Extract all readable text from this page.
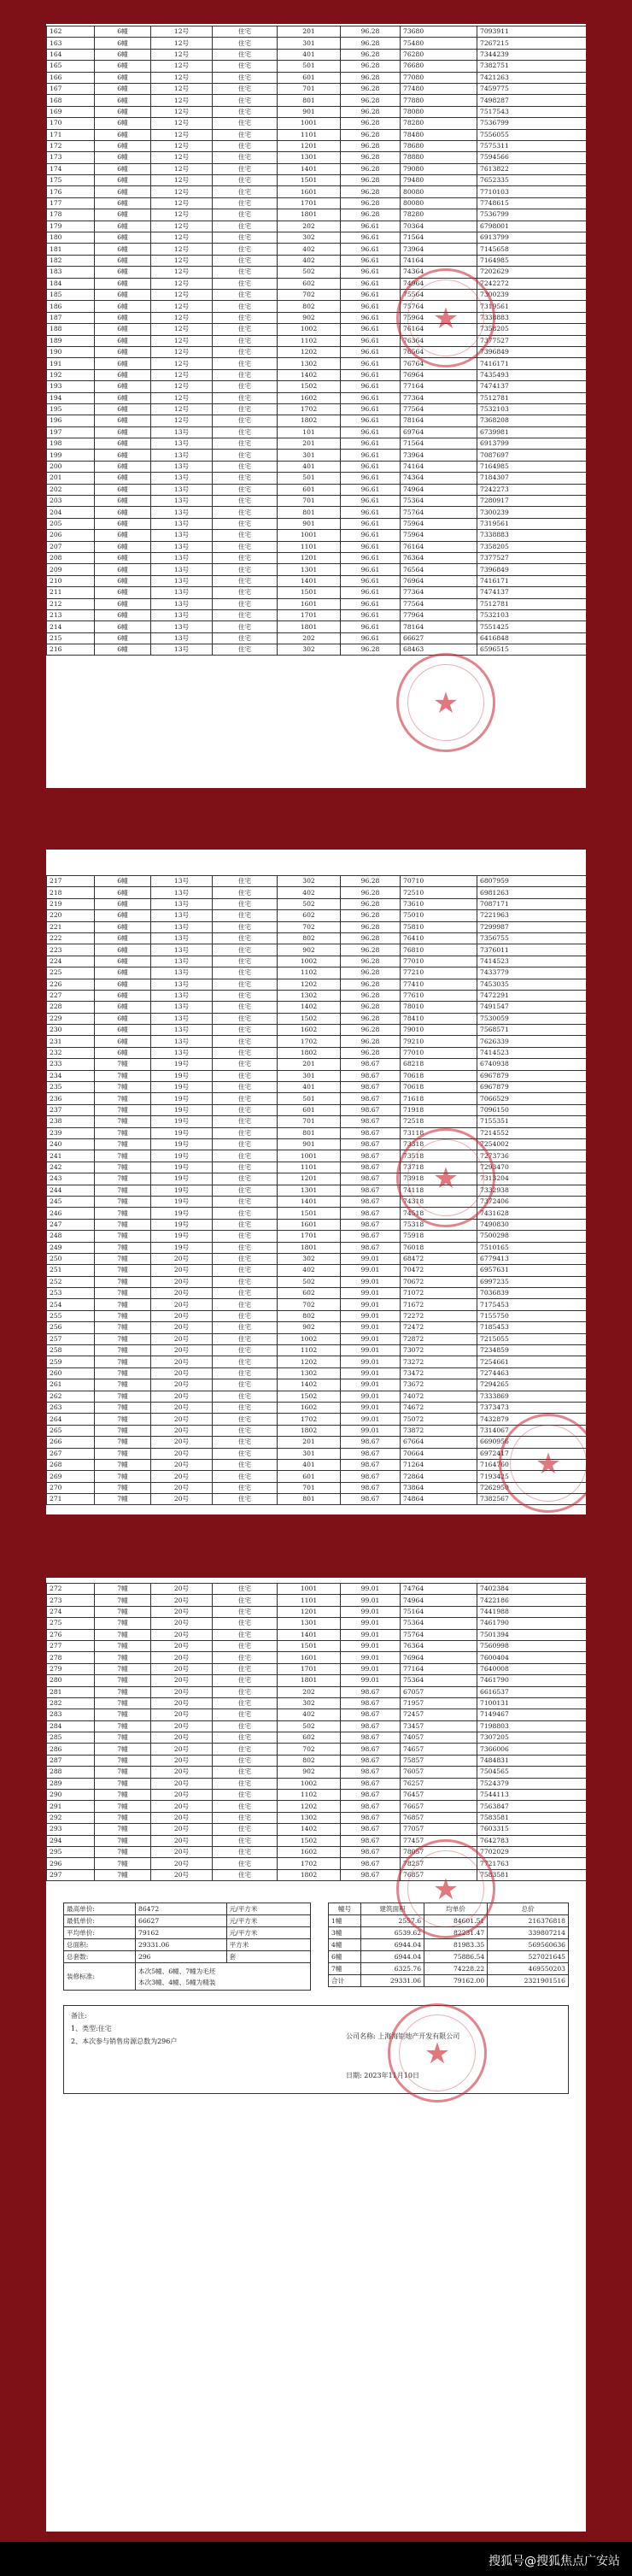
162	6幢	12号	住宅	201	96.28	73680	7093911
163	6幢	12号	住宅	301	96.28	75480	7267215
164	6幢	12号	住宅	401	96.28	76280	7344239
165	6幢	12号	住宅	501	96.28	76680	7382751
166	6幢	12号	住宅	601	96.28	77080	7421263
167	6幢	12号	住宅	701	96.28	77480	7459775
168	6幢	12号	住宅	801	96.28	77880	7498287
169	6幢	12号	住宅	901	96.28	78080	7517543
170	6幢	12号	住宅	1001	96.28	78280	7536799
171	6幢	12号	住宅	1101	96.28	78480	7556055
172	6幢	12号	住宅	1201	96.28	78680	7575311
173	6幢	12号	住宅	1301	96.28	78880	7594566
174	6幢	12号	住宅	1401	96.28	79080	7613822
175	6幢	12号	住宅	1501	96.28	79480	7652335
176	6幢	12号	住宅	1601	96.28	80080	7710103
177	6幢	12号	住宅	1701	96.28	80080	7748615
178	6幢	12号	住宅	1801	96.28	78280	7536799
179	6幢	12号	住宅	202	96.61	70364	6798001
180	6幢	12号	住宅	302	96.61	71564	6913799
181	6幢	12号	住宅	402	96.61	73964	7145658
182	6幢	12号	住宅	402	96.61	74164	7164985
183	6幢	12号	住宅	502	96.61	74364	7202629
184	6幢	12号	住宅	602	96.61	74964	7242272
185	6幢	12号	住宅	702	96.61	75564	7300239
186	6幢	12号	住宅	802	96.61	75764	7319561
187	6幢	12号	住宅	902	96.61	75964	7338883
188	6幢	12号	住宅	1002	96.61	76164	7358205
189	6幢	12号	住宅	1102	96.61	76364	7377527
190	6幢	12号	住宅	1202	96.61	76564	7396849
191	6幢	12号	住宅	1302	96.61	76764	7416171
192	6幢	12号	住宅	1402	96.61	76964	7435493
193	6幢	12号	住宅	1502	96.61	77164	7474137
194	6幢	12号	住宅	1602	96.61	77364	7512781
195	6幢	12号	住宅	1702	96.61	77564	7532103
196	6幢	12号	住宅	1802	96.61	78164	7368208
197	6幢	13号	住宅	101	96.61	69764	6739981
198	6幢	13号	住宅	201	96.61	71564	6913799
199	6幢	13号	住宅	301	96.61	73964	7087697
200	6幢	13号	住宅	401	96.61	74164	7164985
201	6幢	13号	住宅	501	96.61	74364	7184307
202	6幢	13号	住宅	601	96.61	74964	7242273
203	6幢	13号	住宅	701	96.61	75364	7280917
204	6幢	13号	住宅	801	96.61	75764	7300239
205	6幢	13号	住宅	901	96.61	75964	7319561
206	6幢	13号	住宅	1001	96.61	75964	7338883
207	6幢	13号	住宅	1101	96.61	76164	7358205
208	6幢	13号	住宅	1201	96.61	76364	7377527
209	6幢	13号	住宅	1301	96.61	76564	7396849
210	6幢	13号	住宅	1401	96.61	76964	7416171
211	6幢	13号	住宅	1501	96.61	77364	7474137
212	6幢	13号	住宅	1601	96.61	77564	7512781
213	6幢	13号	住宅	1701	96.61	77964	7532103
214	6幢	13号	住宅	1801	96.61	78164	7551425
215	6幢	13号	住宅	202	96.61	66627	6416848
216	6幢	13号	住宅	302	96.28	68463	6596515
★
★
217	6幢	13号	住宅	302	96.28	70710	6807959
218	6幢	13号	住宅	402	96.28	72510	6981263
219	6幢	13号	住宅	502	96.28	73610	7087171
220	6幢	13号	住宅	602	96.28	75010	7221963
221	6幢	13号	住宅	702	96.28	75810	7299987
222	6幢	13号	住宅	802	96.28	76410	7356755
223	6幢	13号	住宅	902	96.28	76810	7376011
224	6幢	13号	住宅	1002	96.28	77010	7414523
225	6幢	13号	住宅	1102	96.28	77210	7433779
226	6幢	13号	住宅	1202	96.28	77410	7453035
227	6幢	13号	住宅	1302	96.28	77610	7472291
228	6幢	13号	住宅	1402	96.28	78010	7491547
229	6幢	13号	住宅	1502	96.28	78410	7530059
230	6幢	13号	住宅	1602	96.28	79010	7568571
231	6幢	13号	住宅	1702	96.28	79210	7626339
232	6幢	13号	住宅	1802	96.28	77010	7414523
233	7幢	19号	住宅	201	98.67	68218	6740938
234	7幢	19号	住宅	301	98.67	70618	6967879
235	7幢	19号	住宅	401	98.67	70618	6967879
236	7幢	19号	住宅	501	98.67	71618	7066529
237	7幢	19号	住宅	601	98.67	71918	7096150
238	7幢	19号	住宅	701	98.67	72518	7155351
239	7幢	19号	住宅	801	98.67	73118	7214552
240	7幢	19号	住宅	901	98.67	73318	7254002
241	7幢	19号	住宅	1001	98.67	73518	7273736
242	7幢	19号	住宅	1101	98.67	73718	7293470
243	7幢	19号	住宅	1201	98.67	73918	7313204
244	7幢	19号	住宅	1301	98.67	74118	7332938
245	7幢	19号	住宅	1401	98.67	74318	7372406
246	7幢	19号	住宅	1501	98.67	74518	7431628
247	7幢	19号	住宅	1601	98.67	75318	7490830
248	7幢	19号	住宅	1701	98.67	75918	7500298
249	7幢	19号	住宅	1801	98.67	76018	7510165
250	7幢	20号	住宅	302	99.01	68472	6779413
251	7幢	20号	住宅	402	99.01	70472	6957631
252	7幢	20号	住宅	502	99.01	70672	6997235
253	7幢	20号	住宅	602	99.01	71072	7036839
254	7幢	20号	住宅	702	99.01	71672	7175453
255	7幢	20号	住宅	802	99.01	72272	7155750
256	7幢	20号	住宅	902	99.01	72472	7185453
257	7幢	20号	住宅	1002	99.01	72872	7215055
258	7幢	20号	住宅	1102	99.01	73072	7234859
259	7幢	20号	住宅	1202	99.01	73272	7254661
260	7幢	20号	住宅	1302	99.01	73472	7274463
261	7幢	20号	住宅	1402	99.01	73672	7294265
262	7幢	20号	住宅	1502	99.01	74072	7333869
263	7幢	20号	住宅	1602	99.01	74672	7373473
264	7幢	20号	住宅	1702	99.01	75072	7432879
265	7幢	20号	住宅	1802	99.01	73872	7314067
266	7幢	20号	住宅	201	98.67	67664	6690956
267	7幢	20号	住宅	301	98.67	70664	6972417
268	7幢	20号	住宅	401	98.67	71264	7164760
269	7幢	20号	住宅	601	98.67	72864	7193425
270	7幢	20号	住宅	701	98.67	73864	7262950
271	7幢	20号	住宅	801	98.67	74864	7382567
★
★
272	7幢	20号	住宅	1001	99.01	74764	7402384
273	7幢	20号	住宅	1101	99.01	74964	7422186
274	7幢	20号	住宅	1201	99.01	75164	7441988
275	7幢	20号	住宅	1301	99.01	75364	7461790
276	7幢	20号	住宅	1401	99.01	75764	7501394
277	7幢	20号	住宅	1501	99.01	76364	7560998
278	7幢	20号	住宅	1601	99.01	76964	7600404
279	7幢	20号	住宅	1701	99.01	77164	7640008
280	7幢	20号	住宅	1801	99.01	75364	7461790
281	7幢	20号	住宅	202	98.67	67057	6616537
282	7幢	20号	住宅	302	98.67	71957	7100131
283	7幢	20号	住宅	402	98.67	72457	7149467
284	7幢	20号	住宅	502	98.67	73457	7198803
285	7幢	20号	住宅	602	98.67	74057	7307205
286	7幢	20号	住宅	702	98.67	74657	7366006
287	7幢	20号	住宅	802	98.67	75857	7484831
288	7幢	20号	住宅	902	98.67	76057	7504565
289	7幢	20号	住宅	1002	98.67	76257	7524379
290	7幢	20号	住宅	1102	98.67	76457	7544113
291	7幢	20号	住宅	1202	98.67	76657	7563847
292	7幢	20号	住宅	1302	98.67	76857	7583581
293	7幢	20号	住宅	1402	98.67	77057	7603315
294	7幢	20号	住宅	1502	98.67	77457	7642783
295	7幢	20号	住宅	1602	98.67	78057	7702029
296	7幢	20号	住宅	1702	98.67	78257	7721763
297	7幢	20号	住宅	1802	98.67	76857	7583581
最高单价:	86472	元/平方米
最低单价:	66627	元/平方米
平均单价:	79162	元/平方米
总面积:	29331.06	平方米
总套数:	296	套
装修标准:	本次5幢、6幢、7幢为毛坯
本次3幢、4幢、5幢为精装	
幢号	建筑面积	均单价	总价
1幢	2557.6	84601.51	216376818
3幢	6539.62	82231.47	339807214
4幢	6944.04	81983.35	569560636
6幢	6944.04	75886.54	527021645
7幢	6325.76	74228.22	469550203
合计	29331.06	79162.00	2321901516
备注:
1、类型:住宅
2、本次参与销售房源总数为296户
公司名称: 上海海钜地产开发有限公司
日期: 2023年11月10日
★
★
搜狐号@搜狐焦点广安站
